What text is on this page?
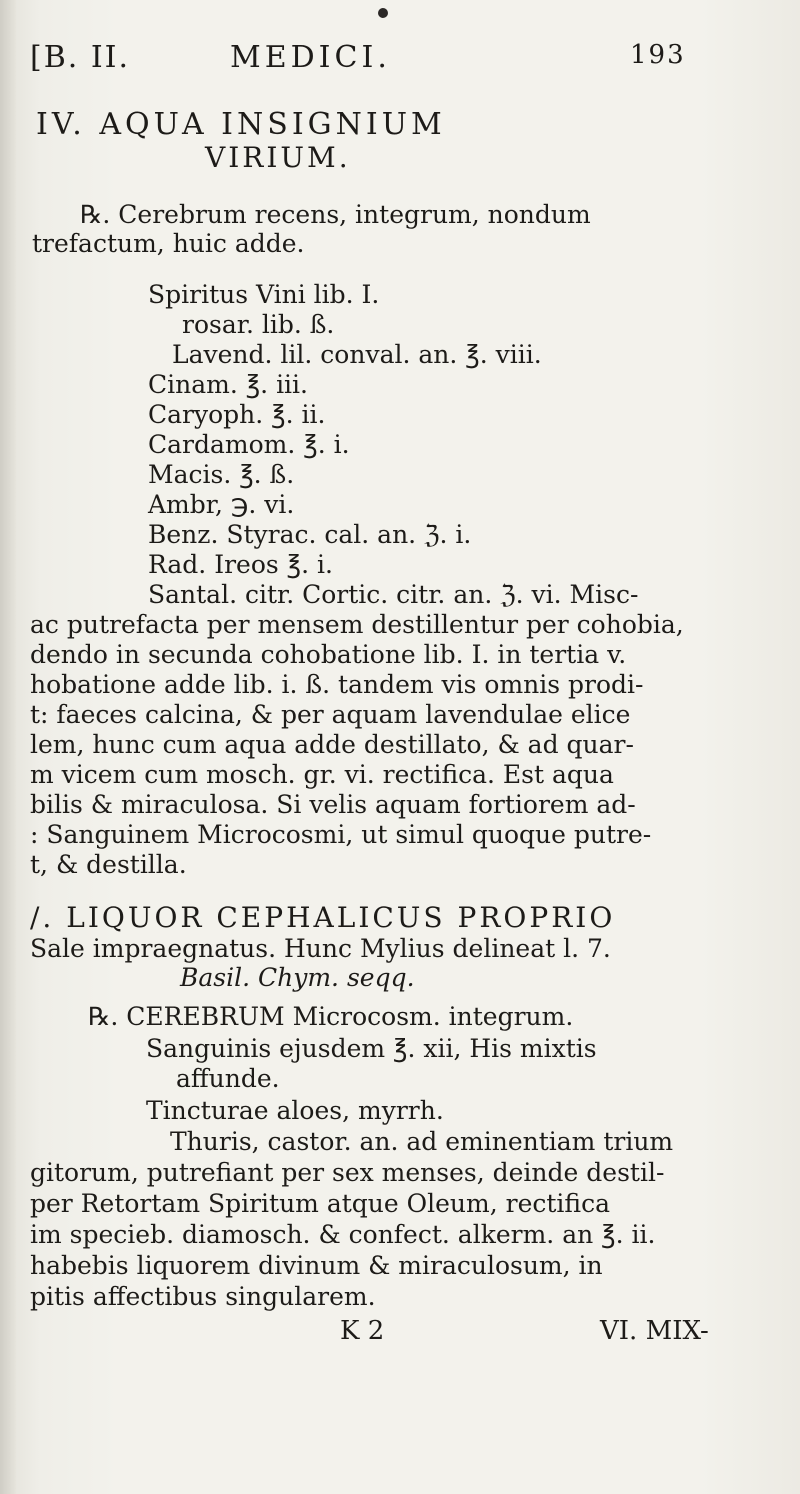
[B. II.	MEDICI.	193
IV. AQUA INSIGNIUM
VIRIUM.
℞. Cerebrum recens, integrum, nondum
trefactum, huic adde.
Spiritus Vini lib. I.
rosar. lib. ß.
Lavend. lil. conval. an. ℥. viii.
Cinam. ℥. iii.
Caryoph. ℥. ii.
Cardamom. ℥. i.
Macis. ℥. ß.
Ambr, ℈. vi.
Benz. Styrac. cal. an. ℨ. i.
Rad. Ireos ℥. i.
Santal. citr. Cortic. citr. an. ℨ. vi. Misc-
ac putrefacta per mensem destillentur per cohobia,
dendo in secunda cohobatione lib. I. in tertia v.
hobatione adde lib. i. ß. tandem vis omnis prodi-
t: faeces calcina, & per aquam lavendulae elice
lem, hunc cum aqua adde destillato, & ad quar-
m vicem cum mosch. gr. vi. rectifica. Est aqua
bilis & miraculosa. Si velis aquam fortiorem ad-
: Sanguinem Microcosmi, ut simul quoque putre-
t, & destilla.
/. LIQUOR CEPHALICUS PROPRIO
Sale impraegnatus. Hunc Mylius delineat l. 7.
Basil. Chym. seqq.
℞. CEREBRUM Microcosm. integrum.
Sanguinis ejusdem ℥. xii, His mixtis
affunde.
Tincturae aloes, myrrh.
Thuris, castor. an. ad eminentiam trium
gitorum, putrefiant per sex menses, deinde destil-
per Retortam Spiritum atque Oleum, rectifica
im specieb. diamosch. & confect. alkerm. an ℥. ii.
habebis liquorem divinum & miraculosum, in
pitis affectibus singularem.
K 2	VI. MIX-
